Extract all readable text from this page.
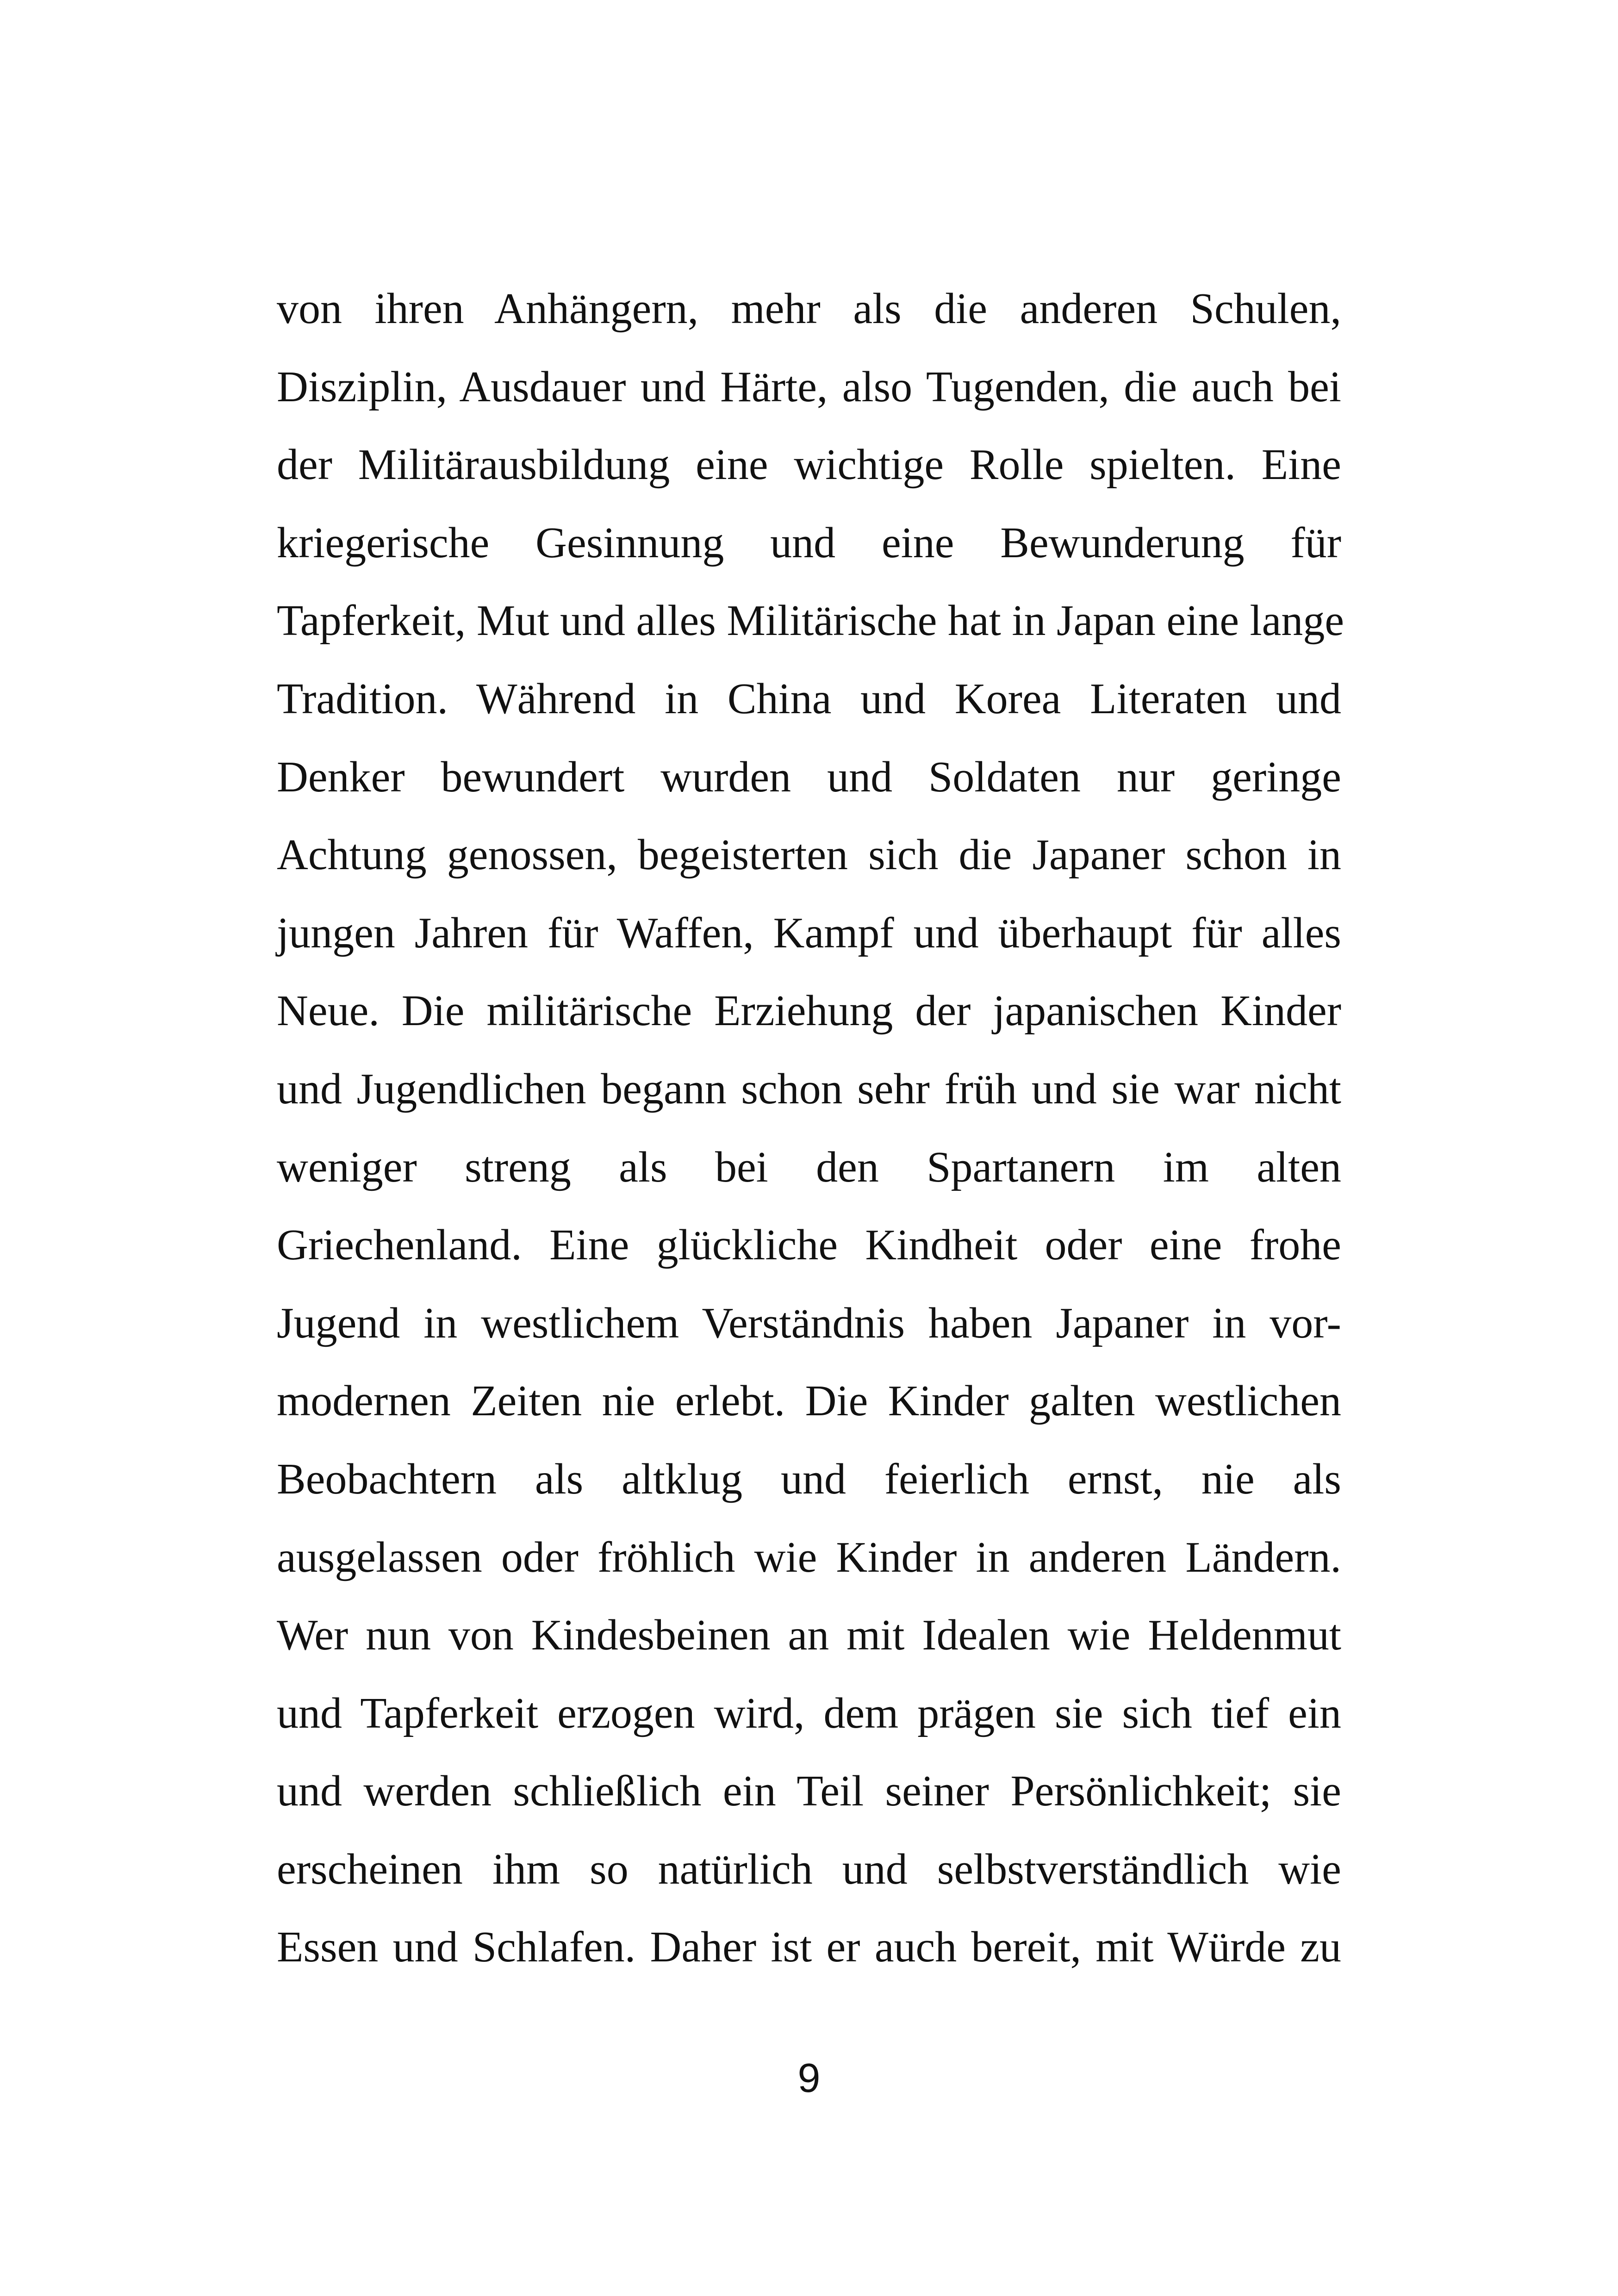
von ihren Anhängern, mehr als die anderen Schulen,
Disziplin, Ausdauer und Härte, also Tugenden, die auch bei
der Militärausbildung eine wichtige Rolle spielten. Eine
kriegerische Gesinnung und eine Bewunderung für
Tapferkeit, Mut und alles Militärische hat in Japan eine lange
Tradition. Während in China und Korea Literaten und
Denker bewundert wurden und Soldaten nur geringe
Achtung genossen, begeisterten sich die Japaner schon in
jungen Jahren für Waffen, Kampf und überhaupt für alles
Neue. Die militärische Erziehung der japanischen Kinder
und Jugendlichen begann schon sehr früh und sie war nicht
weniger streng als bei den Spartanern im alten
Griechenland. Eine glückliche Kindheit oder eine frohe
Jugend in westlichem Verständnis haben Japaner in vor-
modernen Zeiten nie erlebt. Die Kinder galten westlichen
Beobachtern als altklug und feierlich ernst, nie als
ausgelassen oder fröhlich wie Kinder in anderen Ländern.
Wer nun von Kindesbeinen an mit Idealen wie Heldenmut
und Tapferkeit erzogen wird, dem prägen sie sich tief ein
und werden schließlich ein Teil seiner Persönlichkeit; sie
erscheinen ihm so natürlich und selbstverständlich wie
Essen und Schlafen. Daher ist er auch bereit, mit Würde zu
9
